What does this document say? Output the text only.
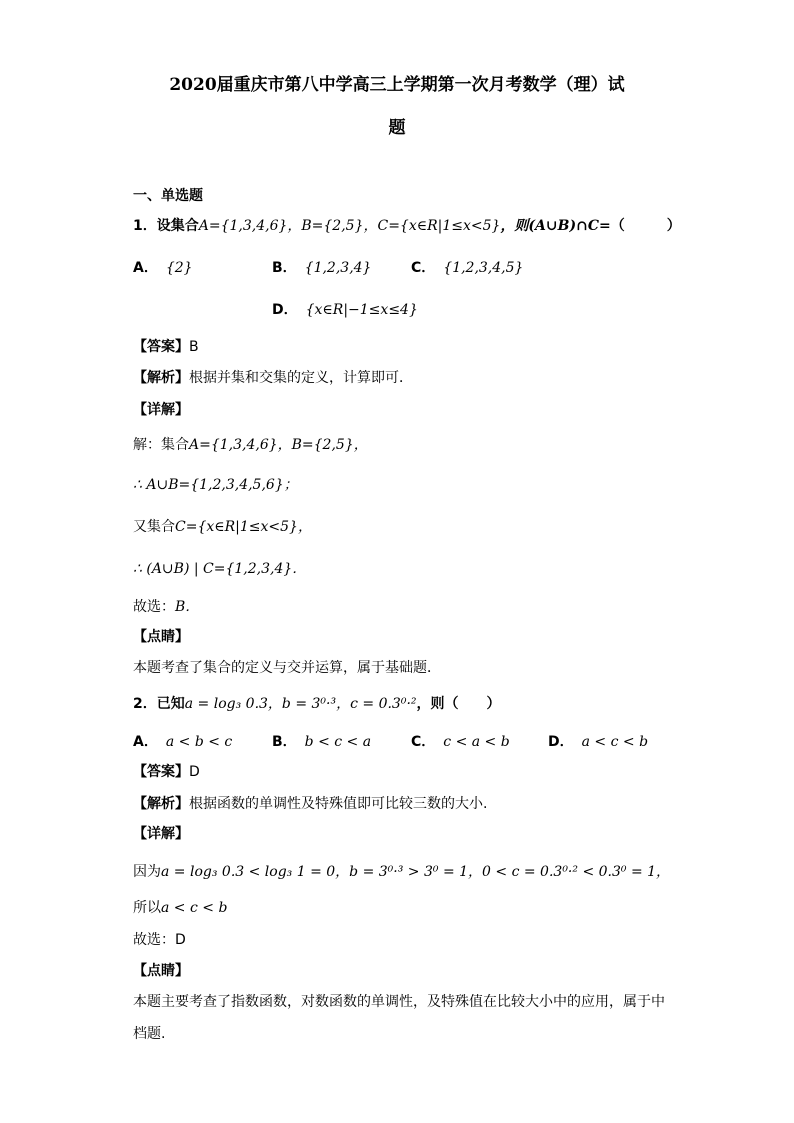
2020届重庆市第八中学高三上学期第一次月考数学（理）试
题
一、单选题
1．设集合A={1,3,4,6}，B={2,5}，C={x∈R|1≤x<5}，则(A∪B)∩C=（　　　）
A． {2}	B． {1,2,3,4}	C． {1,2,3,4,5}
D． {x∈R|−1≤x≤4}
【答案】B
【解析】根据并集和交集的定义，计算即可．
【详解】
解：集合A={1,3,4,6}，B={2,5}，
∴ A∪B={1,2,3,4,5,6}；
又集合C={x∈R|1≤x<5}，
∴ (A∪B) | C={1,2,3,4}．
故选：B．
【点睛】
本题考查了集合的定义与交并运算，属于基础题．
2．已知a = log₃ 0.3，b = 3⁰·³，c = 0.3⁰·²，则（　　）
A． a < b < c	B． b < c < a	C． c < a < b	D． a < c < b
【答案】D
【解析】根据函数的单调性及特殊值即可比较三数的大小.
【详解】
因为a = log₃ 0.3 < log₃ 1 = 0，b = 3⁰·³ > 3⁰ = 1，0 < c = 0.3⁰·² < 0.3⁰ = 1，
所以a < c < b
故选：D
【点睛】
本题主要考查了指数函数，对数函数的单调性，及特殊值在比较大小中的应用，属于中
档题.
